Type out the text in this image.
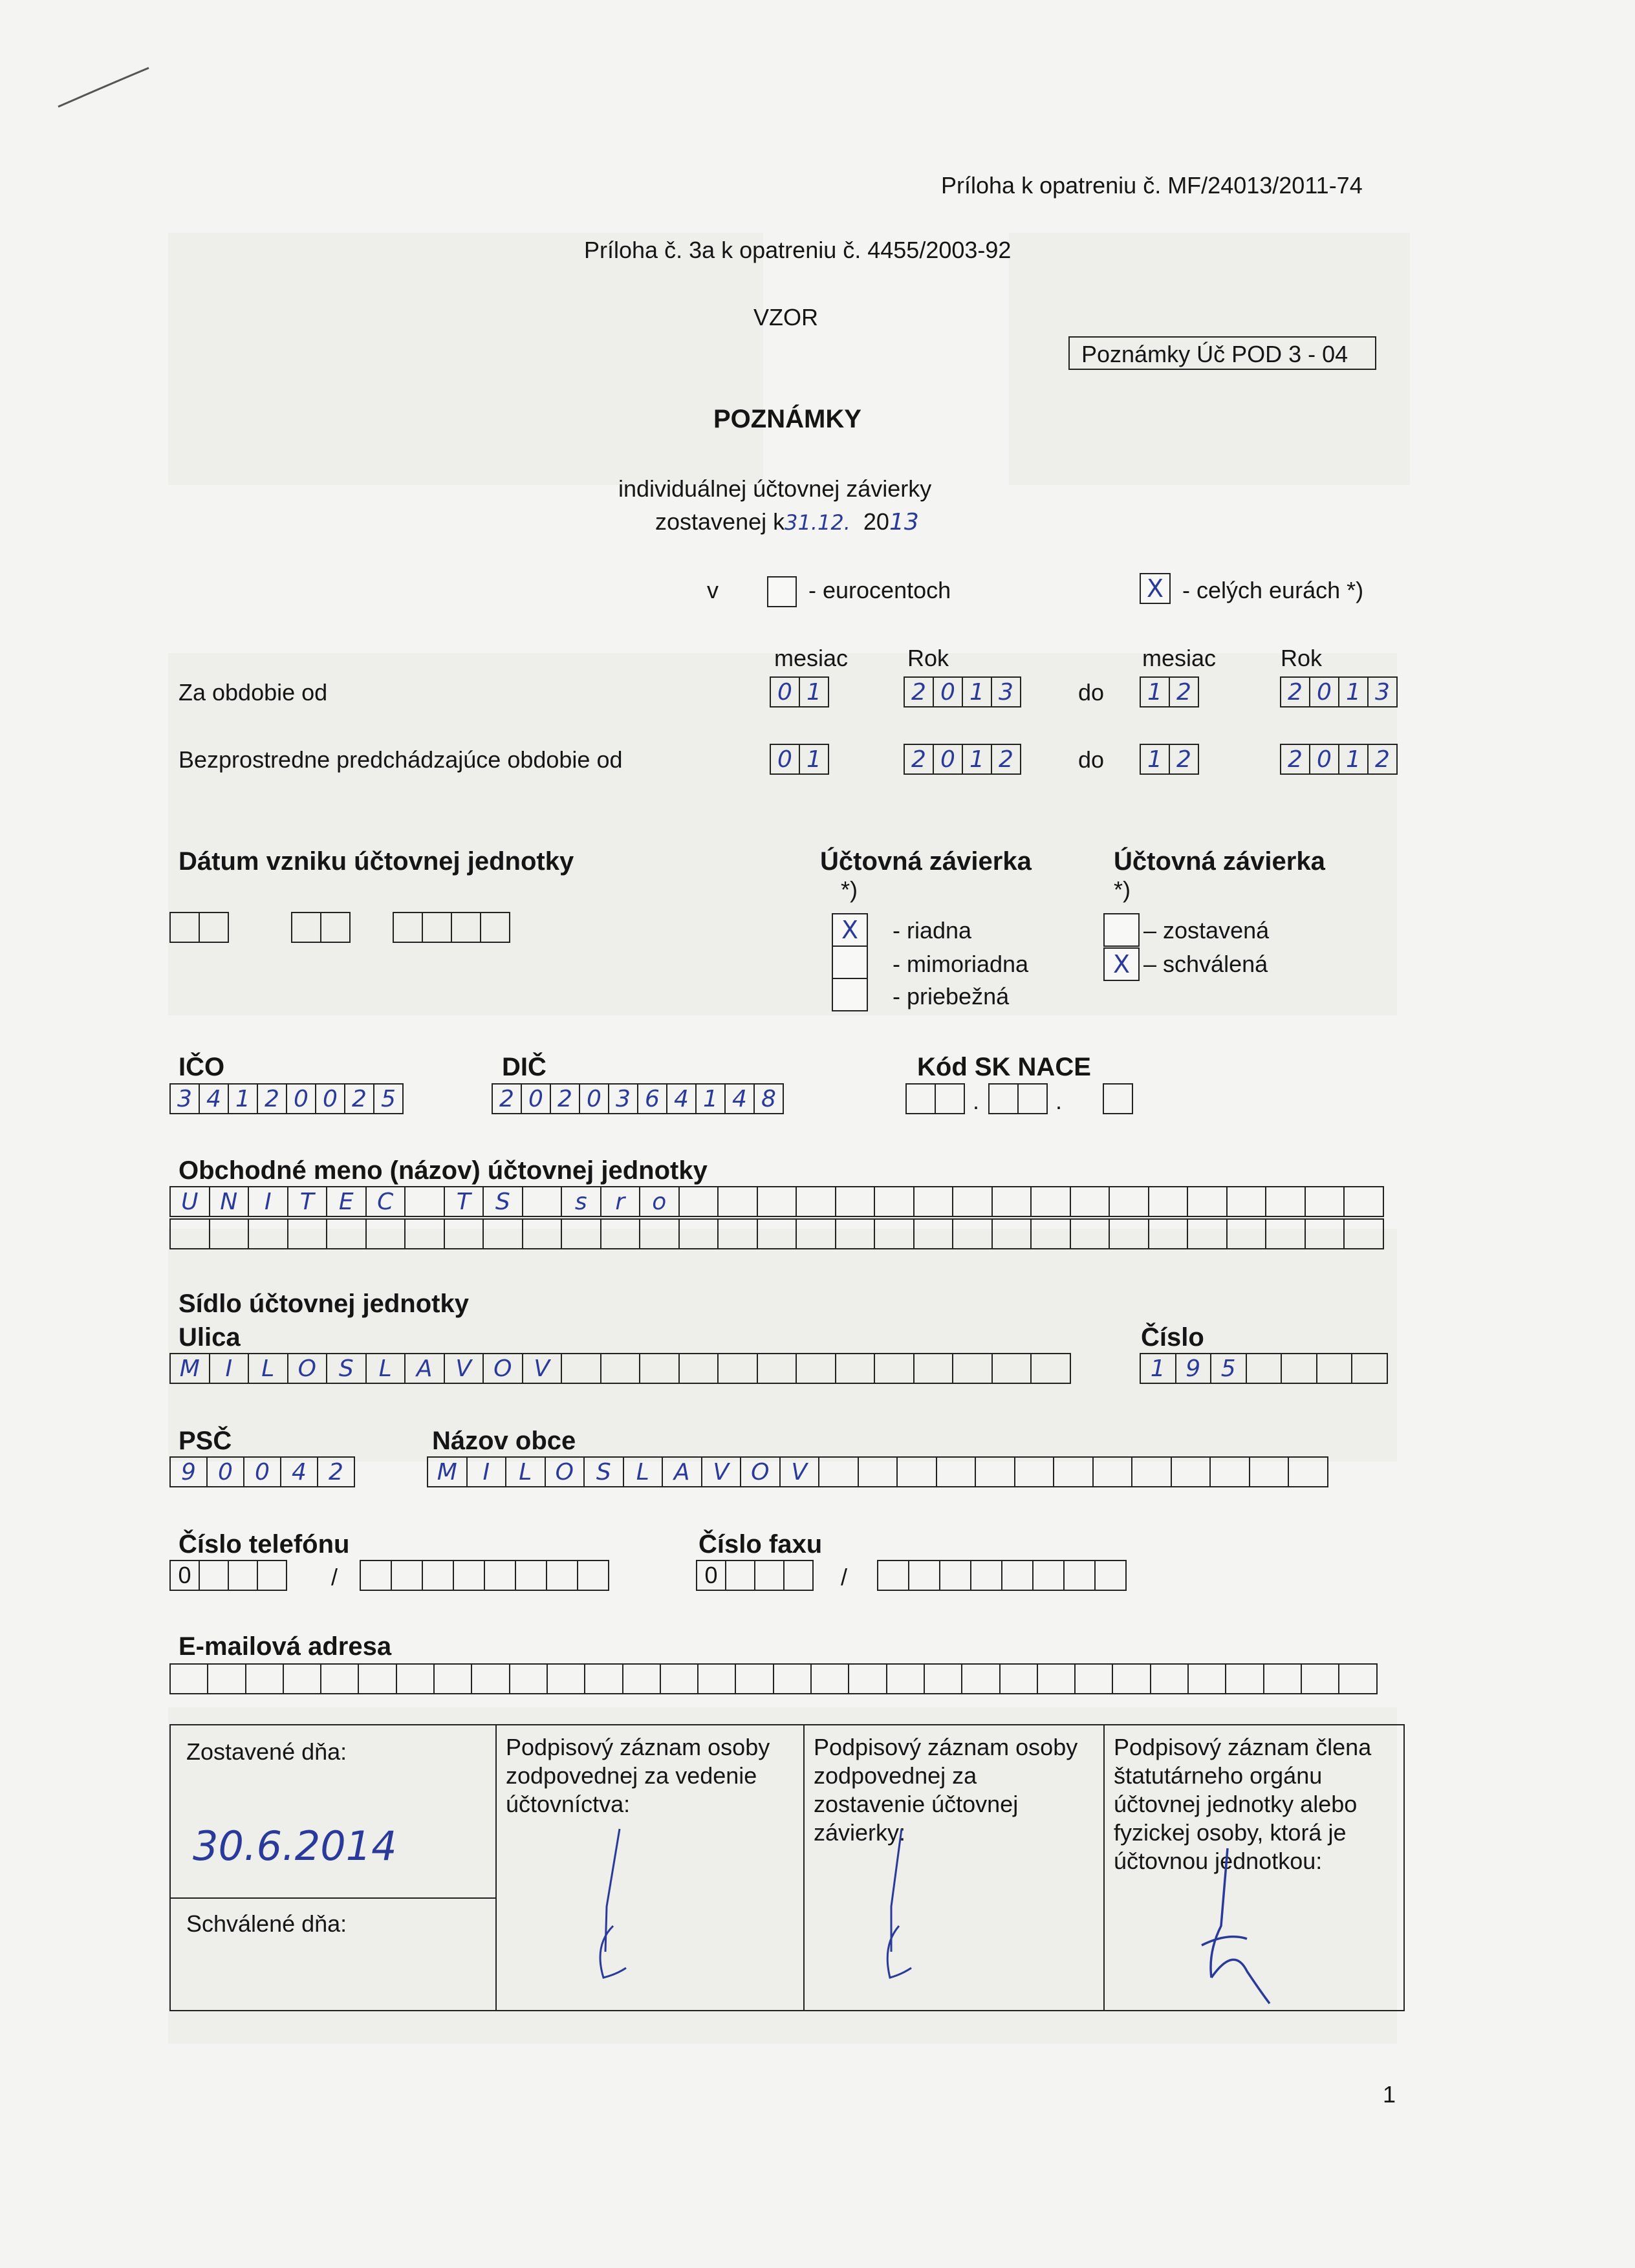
Príloha k opatreniu č. MF/24013/2011-74
Príloha č. 3a k opatreniu č. 4455/2003-92
VZOR
Poznámky Úč POD 3 - 04
POZNÁMKY
individuálnej účtovnej závierky
zostavenej k31.12. 2013
v	- eurocentoch	X - celých eurách *)
mesiac	Rok	mesiac	Rok
Za obdobie od	0 1	2 0 1 3	do 1 2	2 0 1 3
Bezprostredne predchádzajúce obdobie od	0 1	2 0 1 2	do 1 2	2 0 1 2
Dátum vzniku účtovnej jednotky	Účtovná závierka
*)
X	- riadna
- mimoriadna
- priebežná
Účtovná závierka
*)
– zostavená
X – schválená
IČO
3 4 1 2 0 0 2 5
DIČ
2 0 2 0 3 6 4 1 4 8
Kód SK NACE
.	.
Obchodné meno (názov) účtovnej jednotky
U N	I	T	E	C	T	S	s	r	o
Sídlo účtovnej jednotky
Ulica
M	I	L	O S	L	A V O V
Číslo
1 9 5
PSČ
9 0 0 4 2
Názov obce
M	I	L	O S	L	A V O V
Číslo telefónu
0	/
Číslo faxu
0	/
E-mailová adresa
Zostavené dňa:
30.6.2014
Schválené dňa:
Podpisový záznam osoby zodpovednej za vedenie účtovníctva:
Podpisový záznam osoby zodpovednej za zostavenie účtovnej závierky:
Podpisový záznam člena štatutárneho orgánu účtovnej jednotky alebo fyzickej osoby, ktorá je účtovnou jednotkou:
1
